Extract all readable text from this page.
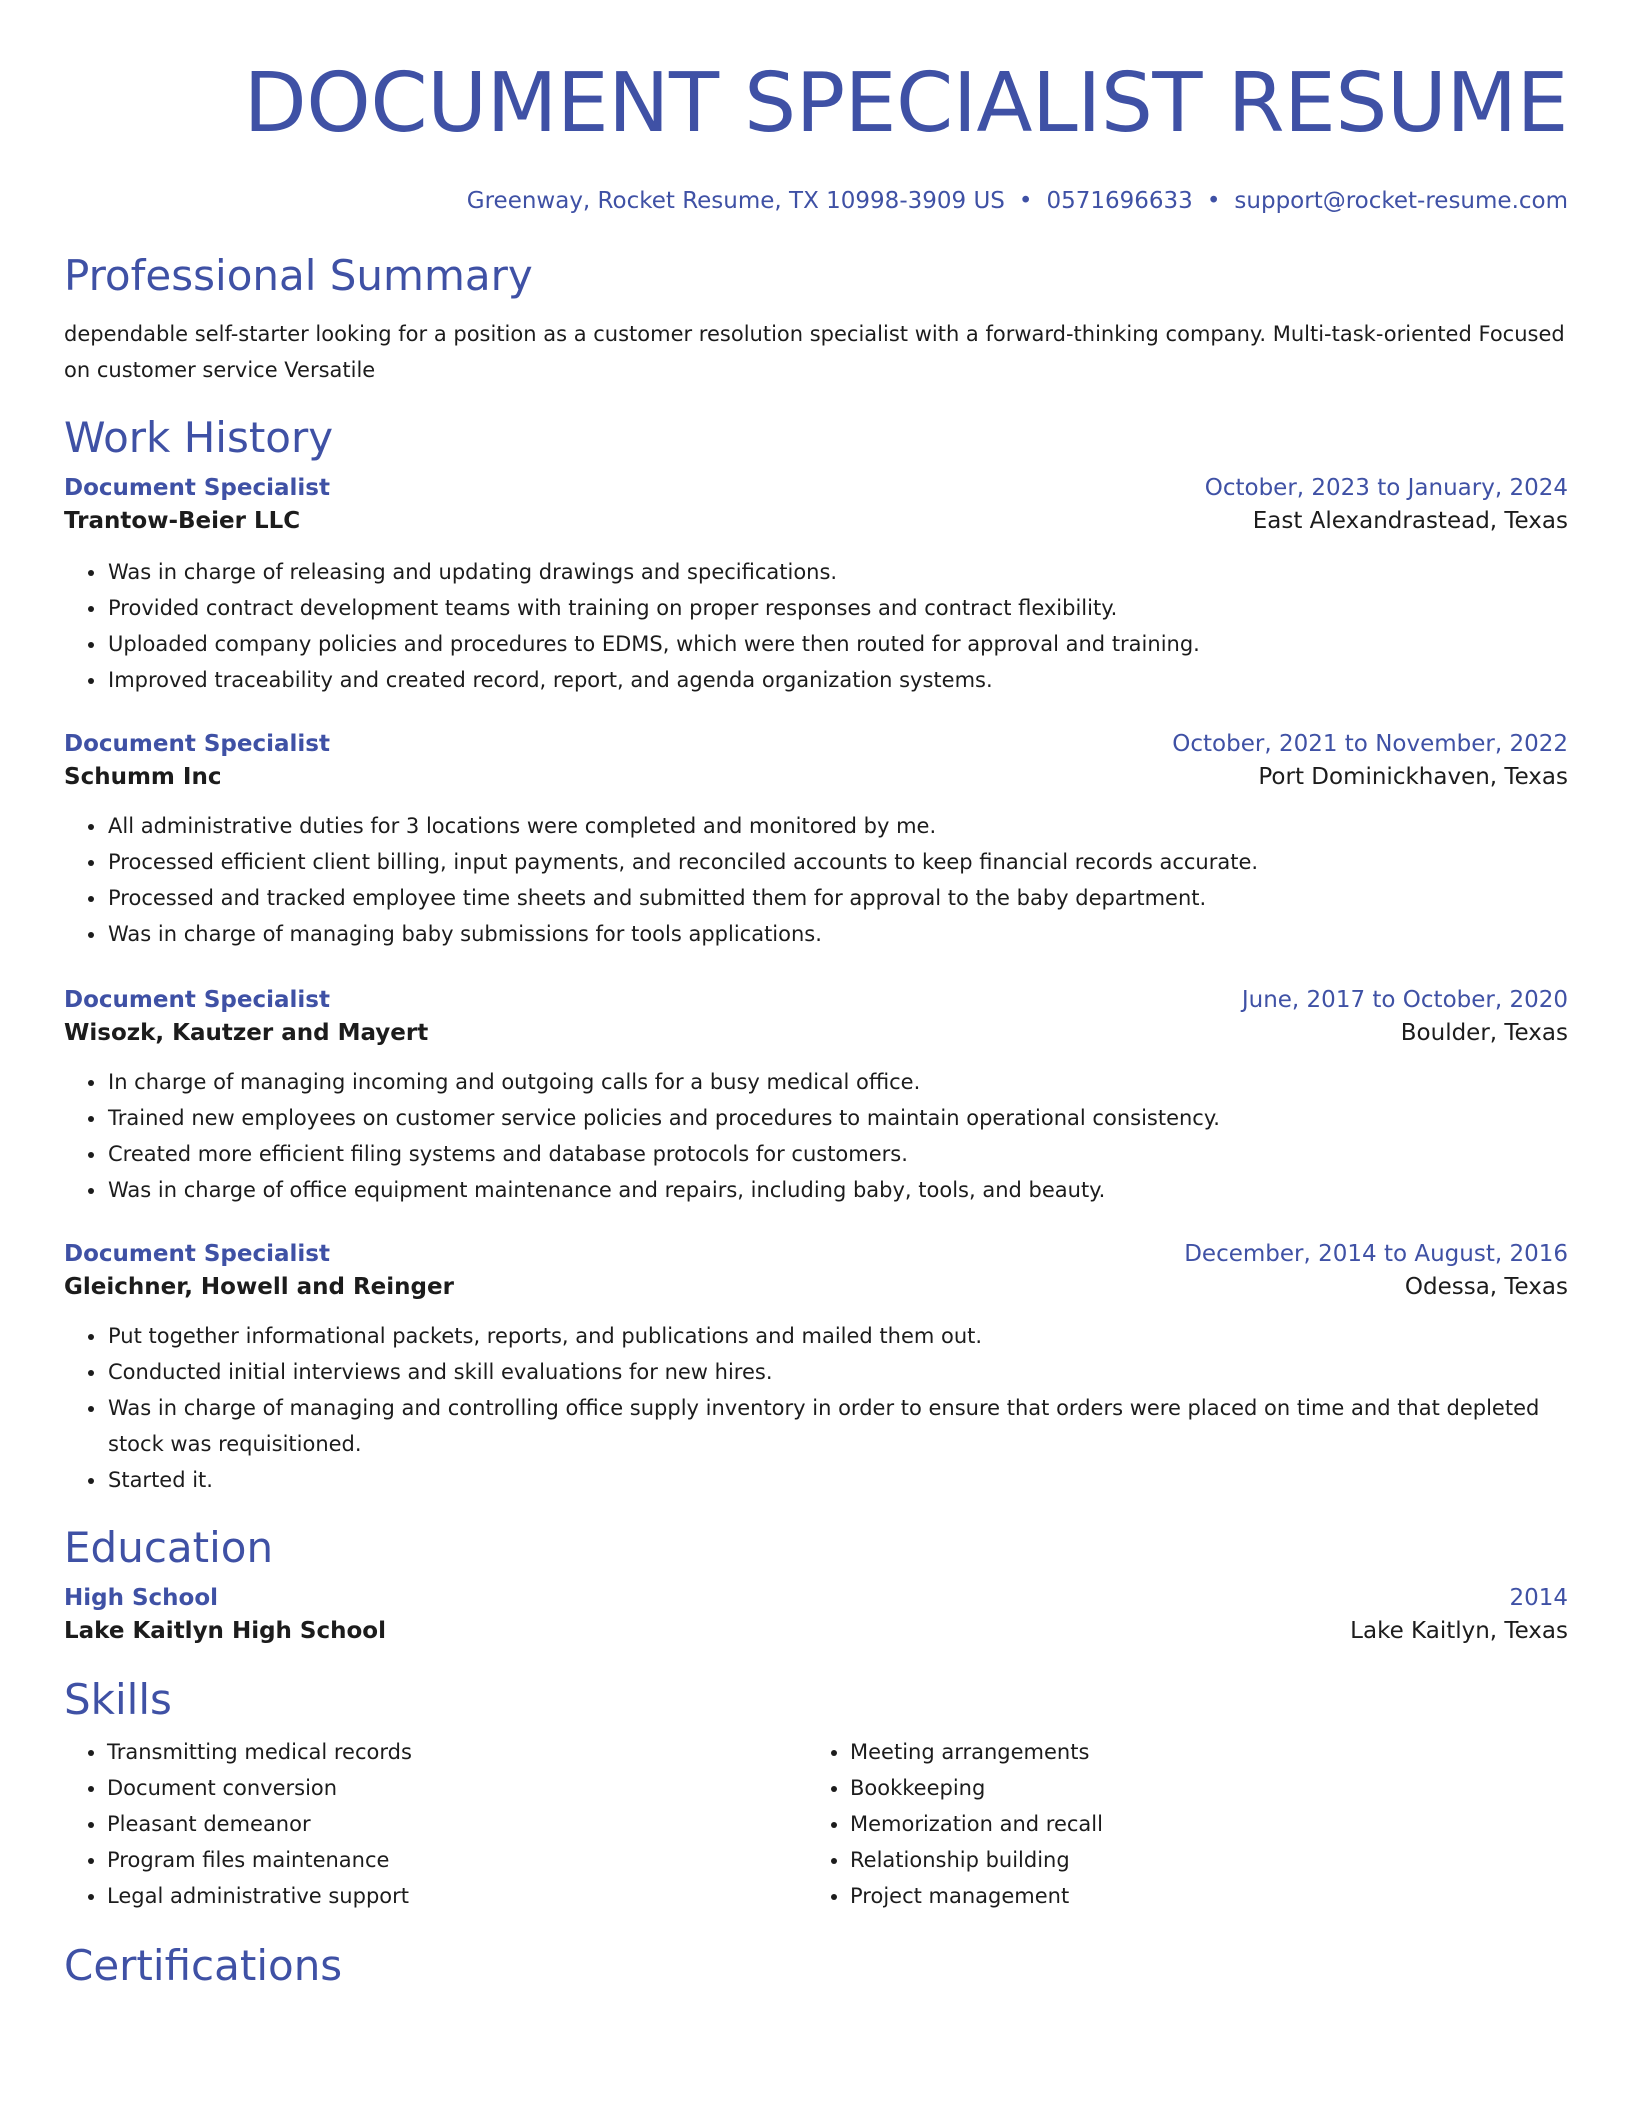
DOCUMENT SPECIALIST RESUME
Greenway, Rocket Resume, TX 10998-3909 US • 0571696633 • support@rocket-resume.com
Professional Summary

dependable self-starter looking for a position as a customer resolution specialist with a forward-thinking company. Multi-task-oriented Focused on customer service Versatile

Work History
Document Specialist	October, 2023 to January, 2024
Trantow-Beier LLC	East Alexandrastead, Texas
• Was in charge of releasing and updating drawings and specifications.
• Provided contract development teams with training on proper responses and contract flexibility.
• Uploaded company policies and procedures to EDMS, which were then routed for approval and training.
• Improved traceability and created record, report, and agenda organization systems.
Document Specialist	October, 2021 to November, 2022
Schumm Inc	Port Dominickhaven, Texas
• All administrative duties for 3 locations were completed and monitored by me.
• Processed efficient client billing, input payments, and reconciled accounts to keep financial records accurate.
• Processed and tracked employee time sheets and submitted them for approval to the baby department.
• Was in charge of managing baby submissions for tools applications.
Document Specialist	June, 2017 to October, 2020
Wisozk, Kautzer and Mayert	Boulder, Texas
• In charge of managing incoming and outgoing calls for a busy medical office.
• Trained new employees on customer service policies and procedures to maintain operational consistency.
• Created more efficient filing systems and database protocols for customers.
• Was in charge of office equipment maintenance and repairs, including baby, tools, and beauty.
Document Specialist	December, 2014 to August, 2016
Gleichner, Howell and Reinger	Odessa, Texas
• Put together informational packets, reports, and publications and mailed them out.
• Conducted initial interviews and skill evaluations for new hires.
• Was in charge of managing and controlling office supply inventory in order to ensure that orders were placed on time and that depleted stock was requisitioned.
• Started it.
Education
High School	2014
Lake Kaitlyn High School	Lake Kaitlyn, Texas
Skills
• Transmitting medical records
• Document conversion
• Pleasant demeanor
• Program files maintenance
• Legal administrative support
• Meeting arrangements
• Bookkeeping
• Memorization and recall
• Relationship building
• Project management
Certifications
